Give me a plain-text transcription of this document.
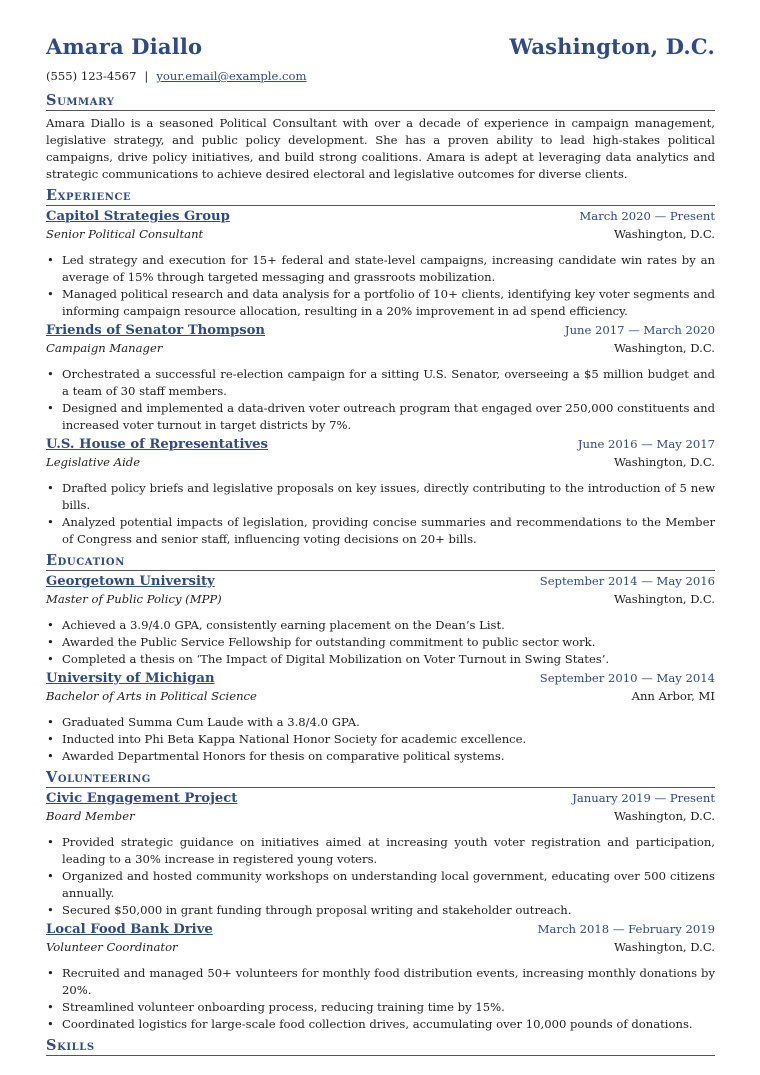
Amara Diallo	Washington, D.C.
(555) 123-4567 | your.email@example.com
Summary
Amara Diallo is a seasoned Political Consultant with over a decade of experience in campaign management, legislative strategy, and public policy development. She has a proven ability to lead high-stakes political campaigns, drive policy initiatives, and build strong coalitions. Amara is adept at leveraging data analytics and strategic communications to achieve desired electoral and legislative outcomes for diverse clients.
Experience
Capitol Strategies Group	March 2020 — Present
Senior Political Consultant	Washington, D.C.
• Led strategy and execution for 15+ federal and state-level campaigns, increasing candidate win rates by an average of 15% through targeted messaging and grassroots mobilization.
• Managed political research and data analysis for a portfolio of 10+ clients, identifying key voter segments and informing campaign resource allocation, resulting in a 20% improvement in ad spend efficiency.
Friends of Senator Thompson	June 2017 — March 2020
Campaign Manager	Washington, D.C.
• Orchestrated a successful re-election campaign for a sitting U.S. Senator, overseeing a $5 million budget and a team of 30 staff members.
• Designed and implemented a data-driven voter outreach program that engaged over 250,000 constituents and increased voter turnout in target districts by 7%.
U.S. House of Representatives	June 2016 — May 2017
Legislative Aide	Washington, D.C.
• Drafted policy briefs and legislative proposals on key issues, directly contributing to the introduction of 5 new bills.
• Analyzed potential impacts of legislation, providing concise summaries and recommendations to the Member of Congress and senior staff, influencing voting decisions on 20+ bills.
Education
Georgetown University	September 2014 — May 2016
Master of Public Policy (MPP)	Washington, D.C.
• Achieved a 3.9/4.0 GPA, consistently earning placement on the Dean’s List.
• Awarded the Public Service Fellowship for outstanding commitment to public sector work.
• Completed a thesis on ‘The Impact of Digital Mobilization on Voter Turnout in Swing States’.
University of Michigan	September 2010 — May 2014
Bachelor of Arts in Political Science	Ann Arbor, MI
• Graduated Summa Cum Laude with a 3.8/4.0 GPA.
• Inducted into Phi Beta Kappa National Honor Society for academic excellence.
• Awarded Departmental Honors for thesis on comparative political systems.
Volunteering
Civic Engagement Project	January 2019 — Present
Board Member	Washington, D.C.
• Provided strategic guidance on initiatives aimed at increasing youth voter registration and participation, leading to a 30% increase in registered young voters.
• Organized and hosted community workshops on understanding local government, educating over 500 citizens annually.
• Secured $50,000 in grant funding through proposal writing and stakeholder outreach.
Local Food Bank Drive	March 2018 — February 2019
Volunteer Coordinator	Washington, D.C.
• Recruited and managed 50+ volunteers for monthly food distribution events, increasing monthly donations by 20%.
• Streamlined volunteer onboarding process, reducing training time by 15%.
• Coordinated logistics for large-scale food collection drives, accumulating over 10,000 pounds of donations.
Skills
